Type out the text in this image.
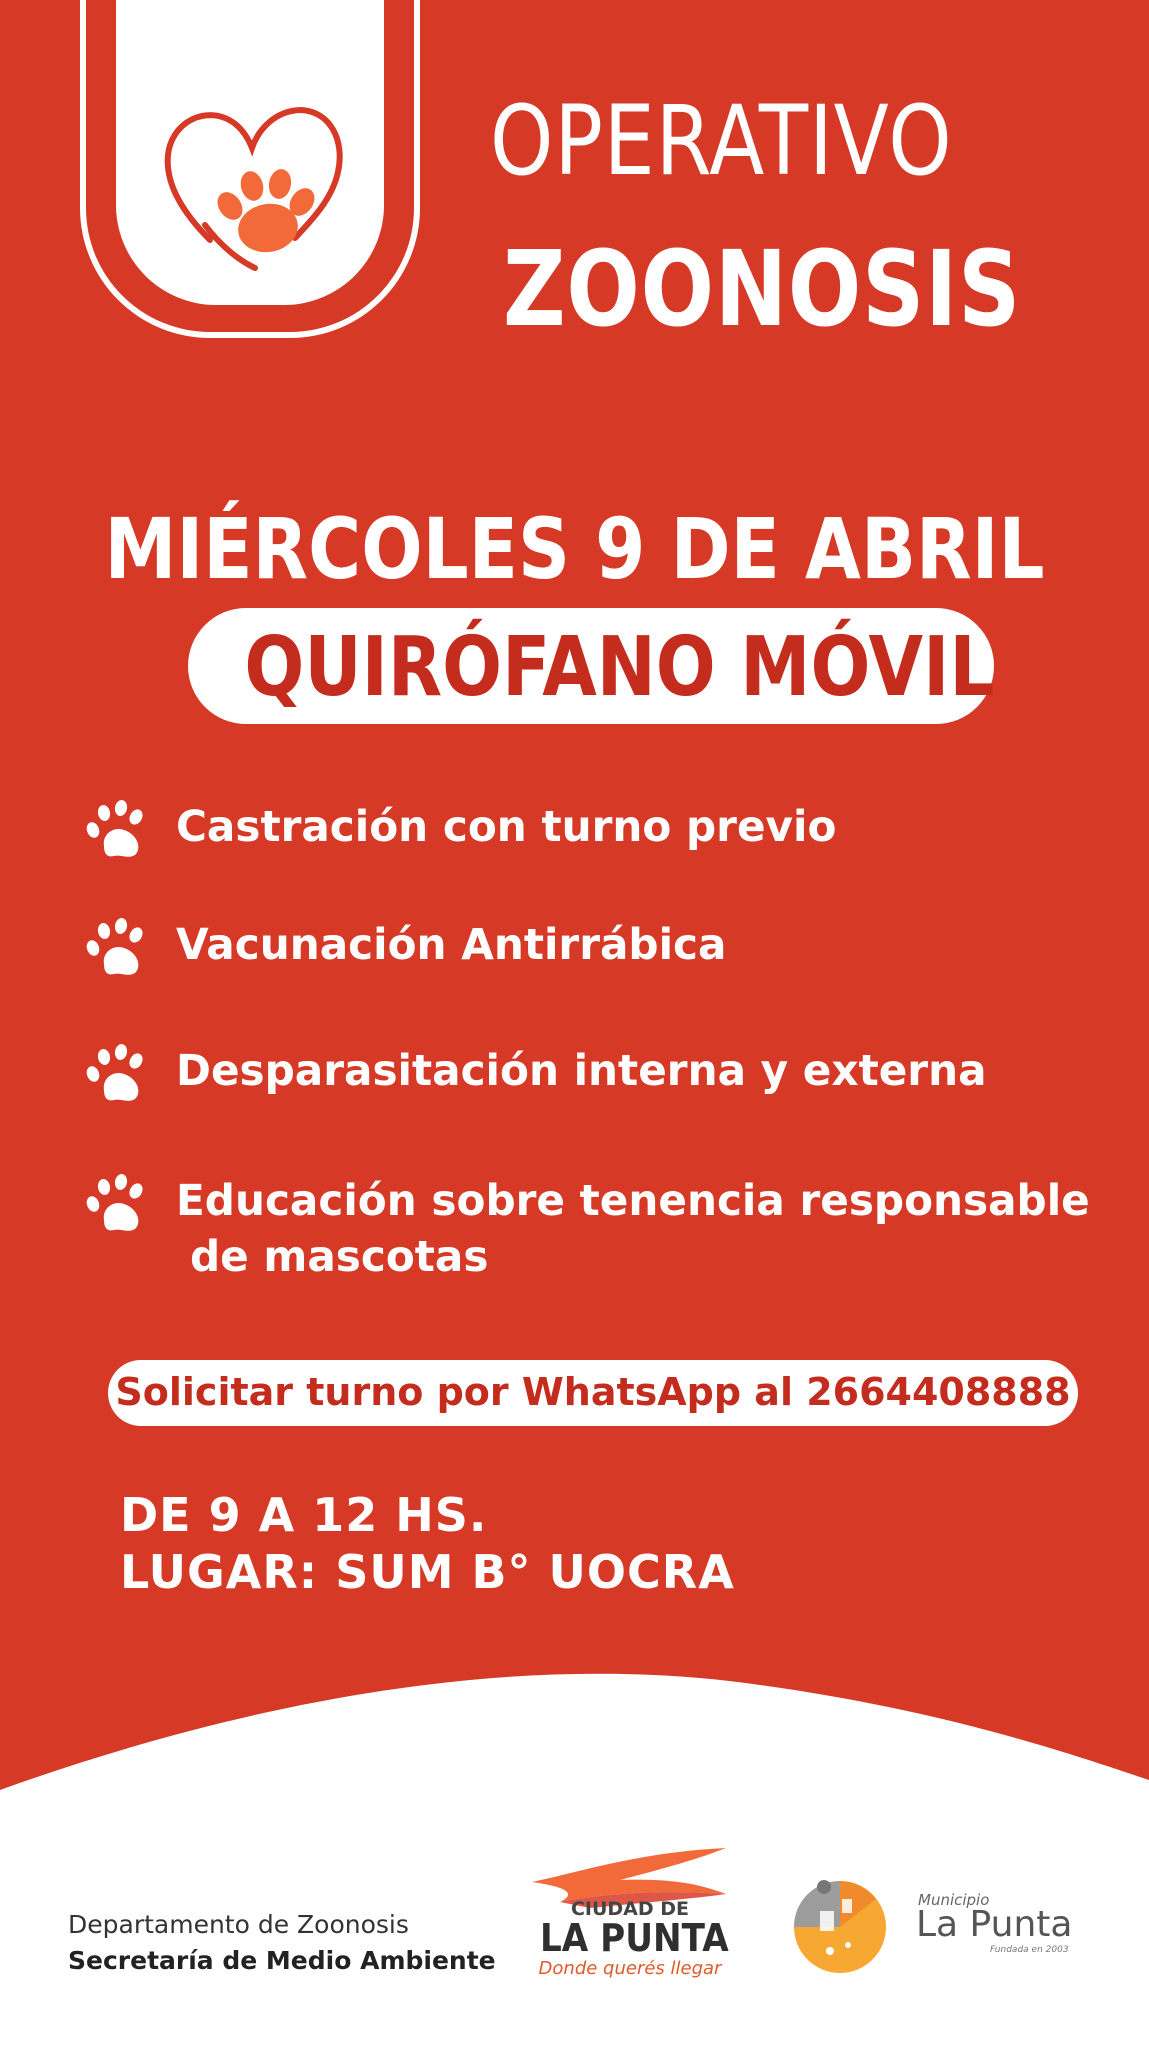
OPERATIVO
ZOONOSIS
MIÉRCOLES 9 DE ABRIL
QUIRÓFANO MÓVIL
Castración con turno previo
Vacunación Antirrábica
Desparasitación interna y externa
Educación sobre tenencia responsable
de mascotas
Solicitar turno por WhatsApp al 2664408888
DE 9 A 12 HS.
LUGAR: SUM B° UOCRA
Departamento de Zoonosis
Secretaría de Medio Ambiente
CIUDAD DE
LA PUNTA
Donde querés llegar
Municipio
La Punta
Fundada en 2003
